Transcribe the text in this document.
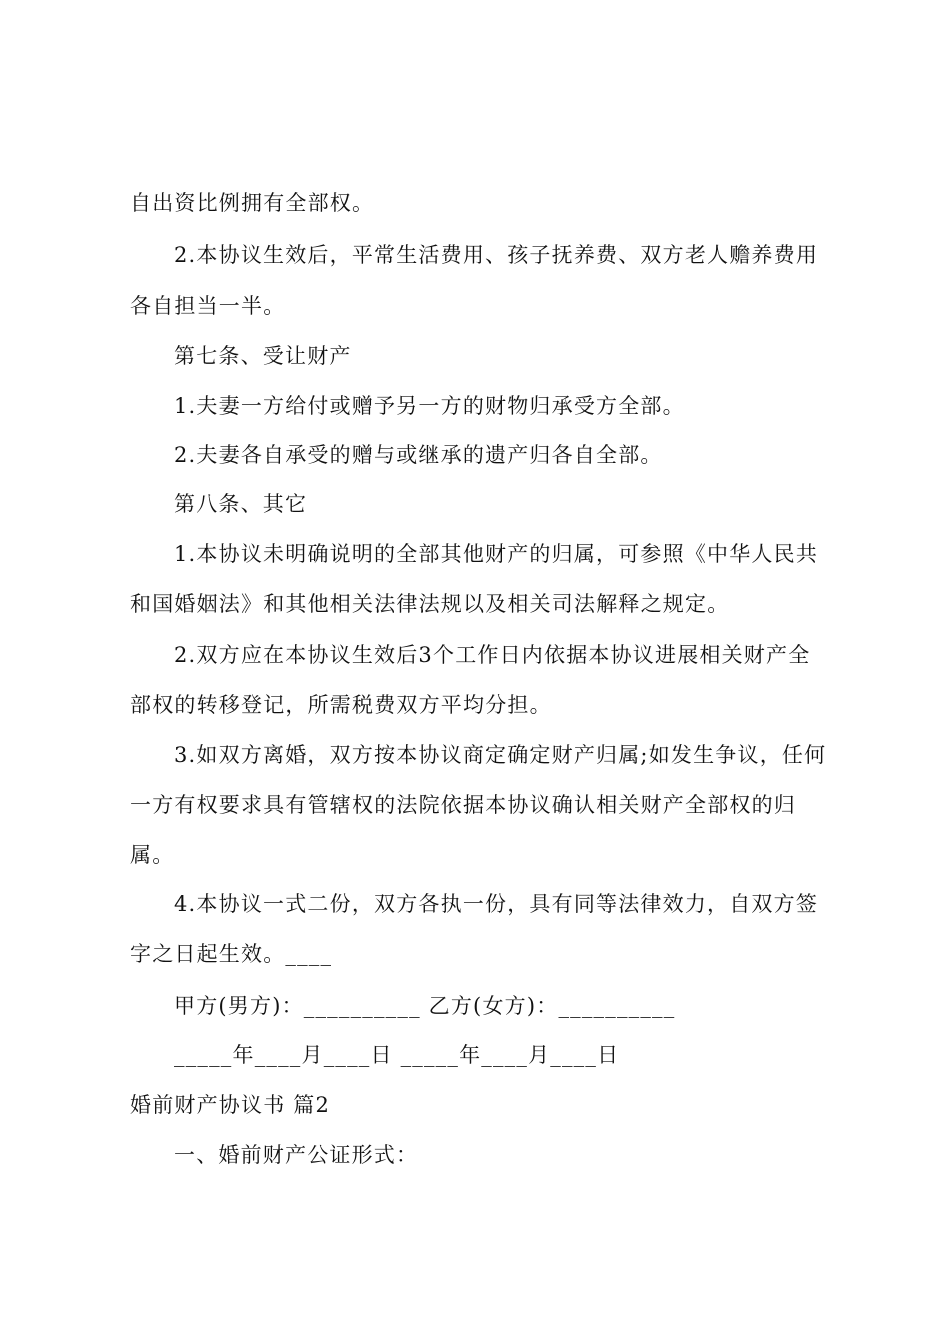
自出资比例拥有全部权。
2.本协议生效后，平常生活费用、孩子抚养费、双方老人赡养费用
各自担当一半。
第七条、受让财产
1.夫妻一方给付或赠予另一方的财物归承受方全部。
2.夫妻各自承受的赠与或继承的遗产归各自全部。
第八条、其它
1.本协议未明确说明的全部其他财产的归属，可参照《中华人民共
和国婚姻法》和其他相关法律法规以及相关司法解释之规定。
2.双方应在本协议生效后3个工作日内依据本协议进展相关财产全
部权的转移登记，所需税费双方平均分担。
3.如双方离婚，双方按本协议商定确定财产归属;如发生争议，任何
一方有权要求具有管辖权的法院依据本协议确认相关财产全部权的归
属。
4.本协议一式二份，双方各执一份，具有同等法律效力，自双方签
字之日起生效。____
甲方(男方)：__________ 乙方(女方)：__________
_____年____月____日 _____年____月____日
婚前财产协议书 篇2
一、婚前财产公证形式：
